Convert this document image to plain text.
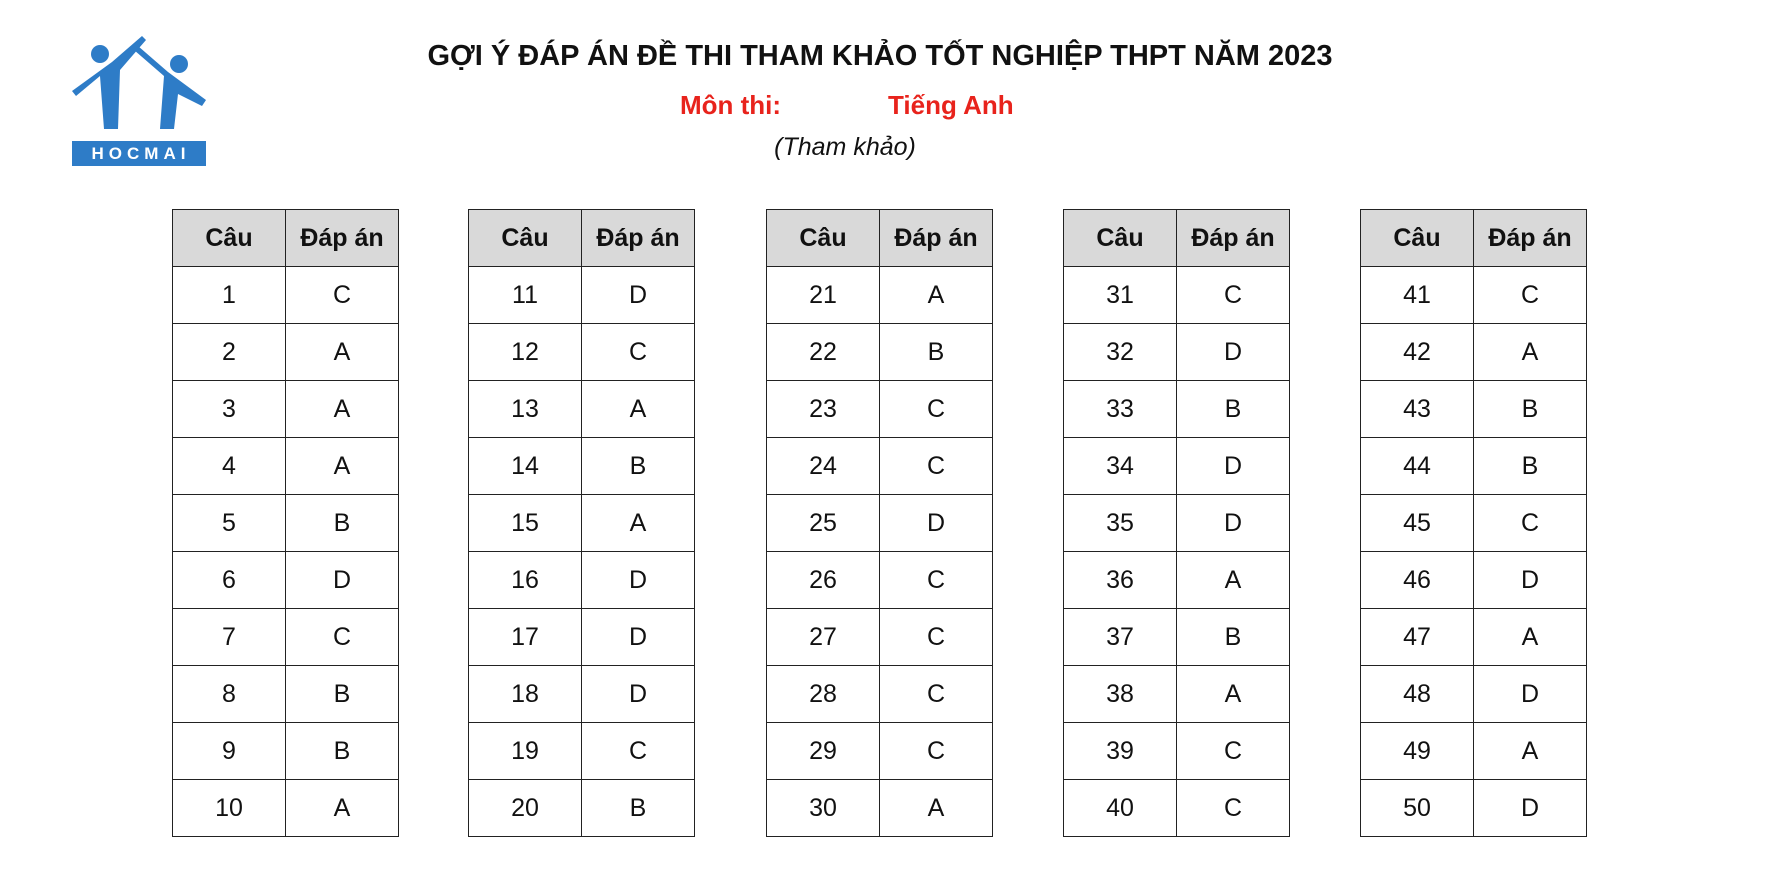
HOCMAI
GỢI Ý ĐÁP ÁN ĐỀ THI THAM KHẢO TỐT NGHIỆP THPT NĂM 2023
Môn thi:	Tiếng Anh
(Tham khảo)
Câu	Đáp án
1	C
2	A
3	A
4	A
5	B
6	D
7	C
8	B
9	B
10	A
Câu	Đáp án
11	D
12	C
13	A
14	B
15	A
16	D
17	D
18	D
19	C
20	B
Câu	Đáp án
21	A
22	B
23	C
24	C
25	D
26	C
27	C
28	C
29	C
30	A
Câu	Đáp án
31	C
32	D
33	B
34	D
35	D
36	A
37	B
38	A
39	C
40	C
Câu	Đáp án
41	C
42	A
43	B
44	B
45	C
46	D
47	A
48	D
49	A
50	D
